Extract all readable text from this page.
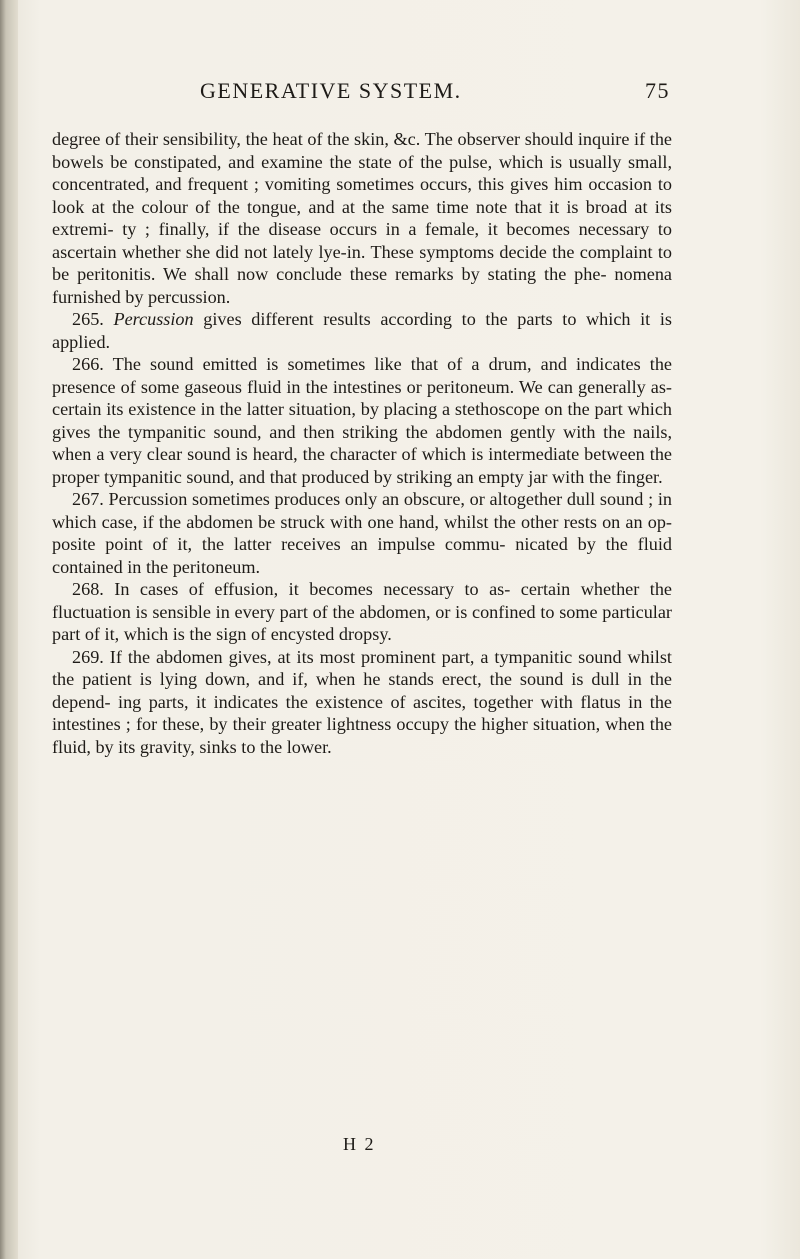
GENERATIVE SYSTEM.	75

degree of their sensibility, the heat of the skin, &c. The observer should inquire if the bowels be constipated, and examine the state of the pulse, which is usually small, concentrated, and frequent ; vomiting sometimes occurs, this gives him occasion to look at the colour of the tongue, and at the same time note that it is broad at its extremi- ty ; finally, if the disease occurs in a female, it becomes necessary to ascertain whether she did not lately lye-in. These symptoms decide the complaint to be peritonitis. We shall now conclude these remarks by stating the phe- nomena furnished by percussion.

265. Percussion gives different results according to the parts to which it is applied.

266. The sound emitted is sometimes like that of a drum, and indicates the presence of some gaseous fluid in the intestines or peritoneum. We can generally as- certain its existence in the latter situation, by placing a stethoscope on the part which gives the tympanitic sound, and then striking the abdomen gently with the nails, when a very clear sound is heard, the character of which is intermediate between the proper tympanitic sound, and that produced by striking an empty jar with the finger.

267. Percussion sometimes produces only an obscure, or altogether dull sound ; in which case, if the abdomen be struck with one hand, whilst the other rests on an op- posite point of it, the latter receives an impulse commu- nicated by the fluid contained in the peritoneum.

268. In cases of effusion, it becomes necessary to as- certain whether the fluctuation is sensible in every part of the abdomen, or is confined to some particular part of it, which is the sign of encysted dropsy.

269. If the abdomen gives, at its most prominent part, a tympanitic sound whilst the patient is lying down, and if, when he stands erect, the sound is dull in the depend- ing parts, it indicates the existence of ascites, together with flatus in the intestines ; for these, by their greater lightness occupy the higher situation, when the fluid, by its gravity, sinks to the lower.

H 2
